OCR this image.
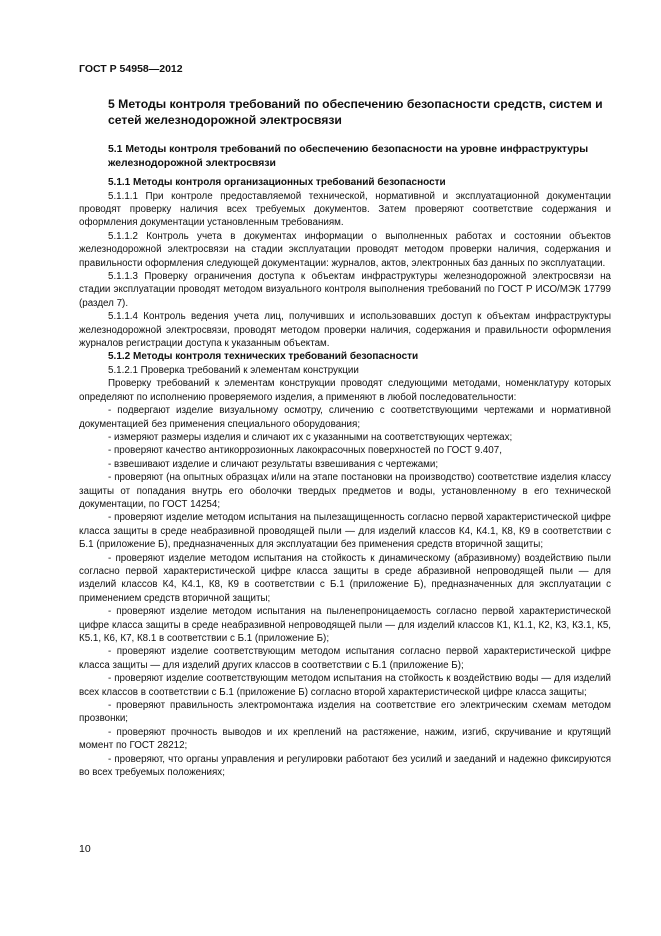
ГОСТ Р 54958—2012
5 Методы контроля требований по обеспечению безопасности средств, систем и сетей железнодорожной электросвязи
5.1 Методы контроля требований по обеспечению безопасности на уровне инфраструктуры железнодорожной электросвязи
5.1.1 Методы контроля организационных требований безопасности

5.1.1.1 При контроле предоставляемой технической, нормативной и эксплуатационной документации проводят проверку наличия всех требуемых документов. Затем проверяют соответствие содержания и оформления документации установленным требованиям.

5.1.1.2 Контроль учета в документах информации о выполненных работах и состоянии объектов железнодорожной электросвязи на стадии эксплуатации проводят методом проверки наличия, содержания и правильности оформления следующей документации: журналов, актов, электронных баз данных по эксплуатации.

5.1.1.3 Проверку ограничения доступа к объектам инфраструктуры железнодорожной электросвязи на стадии эксплуатации проводят методом визуального контроля выполнения требований по ГОСТ Р ИСО/МЭК 17799 (раздел 7).

5.1.1.4 Контроль ведения учета лиц, получивших и использовавших доступ к объектам инфраструктуры железнодорожной электросвязи, проводят методом проверки наличия, содержания и правильности оформления журналов регистрации доступа к указанным объектам.

5.1.2 Методы контроля технических требований безопасности

5.1.2.1 Проверка требований к элементам конструкции

Проверку требований к элементам конструкции проводят следующими методами, номенклатуру которых определяют по исполнению проверяемого изделия, а применяют в любой последовательности:

- подвергают изделие визуальному осмотру, сличению с соответствующими чертежами и нормативной документацией без применения специального оборудования;

- измеряют размеры изделия и сличают их с указанными на соответствующих чертежах;

- проверяют качество антикоррозионных лакокрасочных поверхностей по ГОСТ 9.407,

- взвешивают изделие и сличают результаты взвешивания с чертежами;

- проверяют (на опытных образцах и/или на этапе постановки на производство) соответствие изделия классу защиты от попадания внутрь его оболочки твердых предметов и воды, установленному в его технической документации, по ГОСТ 14254;

- проверяют изделие методом испытания на пылезащищенность согласно первой характеристической цифре класса защиты в среде неабразивной проводящей пыли — для изделий классов К4, К4.1, К8, К9 в соответствии с Б.1 (приложение Б), предназначенных для эксплуатации без применения средств вторичной защиты;

- проверяют изделие методом испытания на стойкость к динамическому (абразивному) воздействию пыли согласно первой характеристической цифре класса защиты в среде абразивной непроводящей пыли — для изделий классов К4, К4.1, К8, К9 в соответствии с Б.1 (приложение Б), предназначенных для эксплуатации с применением средств вторичной защиты;

- проверяют изделие методом испытания на пыленепроницаемость согласно первой характеристической цифре класса защиты в среде неабразивной непроводящей пыли — для изделий классов К1, К1.1, К2, К3, К3.1, К5, К5.1, К6, К7, К8.1 в соответствии с Б.1 (приложение Б);

- проверяют изделие соответствующим методом испытания согласно первой характеристической цифре класса защиты — для изделий других классов в соответствии с Б.1 (приложение Б);

- проверяют изделие соответствующим методом испытания на стойкость к воздействию воды — для изделий всех классов в соответствии с Б.1 (приложение Б) согласно второй характеристической цифре класса защиты;

- проверяют правильность электромонтажа изделия на соответствие его электрическим схемам методом прозвонки;

- проверяют прочность выводов и их креплений на растяжение, нажим, изгиб, скручивание и крутящий момент по ГОСТ 28212;

- проверяют, что органы управления и регулировки работают без усилий и заеданий и надежно фиксируются во всех требуемых положениях;

10
